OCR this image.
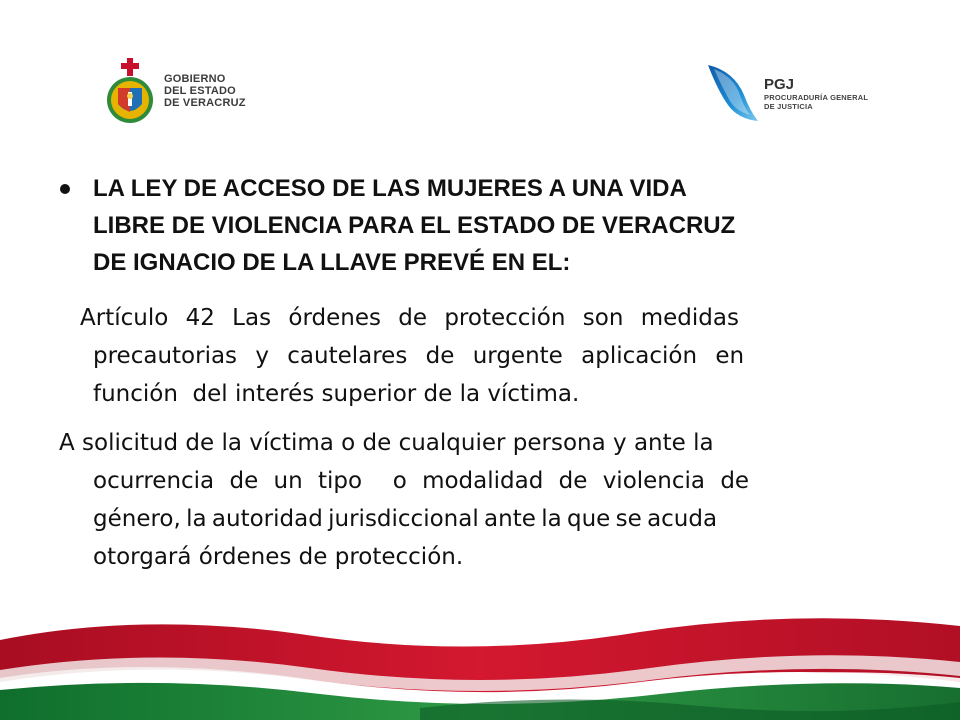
GOBIERNO
DEL ESTADO
DE VERACRUZ
PGJ
PROCURADURÍA GENERAL
DE JUSTICIA
LA LEY DE ACCESO DE LAS MUJERES A UNA VIDA
LIBRE DE VIOLENCIA PARA EL ESTADO DE VERACRUZ
DE IGNACIO DE LA LLAVE PREVÉ EN EL:
Artículo 42 Las órdenes de protección son medidas
precautorias y cautelares de urgente aplicación en
función  del interés superior de la víctima.
A solicitud de la víctima o de cualquier persona y ante la
ocurrencia de un tipo  o modalidad de violencia de
género, la autoridad jurisdiccional ante la que se acuda
otorgará órdenes de protección.
